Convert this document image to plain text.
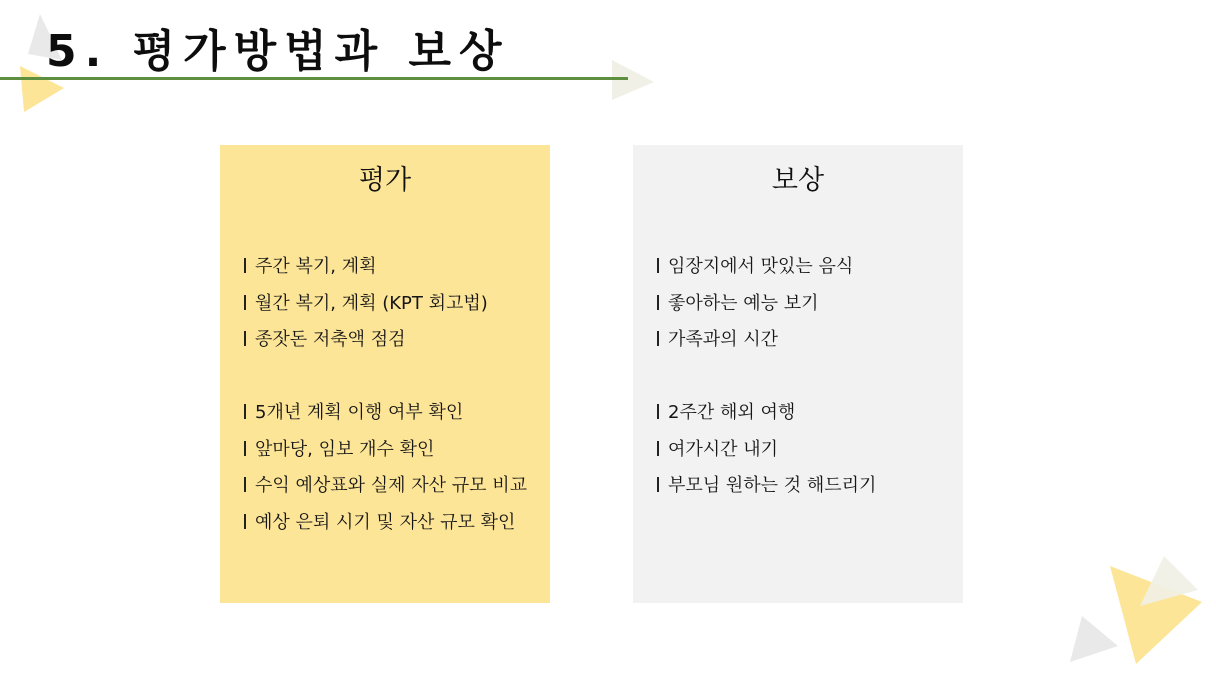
5. 평가방법과 보상
평가
주간 복기, 계획
월간 복기, 계획 (KPT 회고법)
종잣돈 저축액 점검
5개년 계획 이행 여부 확인
앞마당, 임보 개수 확인
수익 예상표와 실제 자산 규모 비교
예상 은퇴 시기 및 자산 규모 확인
보상
임장지에서 맛있는 음식
좋아하는 예능 보기
가족과의 시간
2주간 해외 여행
여가시간 내기
부모님 원하는 것 해드리기
